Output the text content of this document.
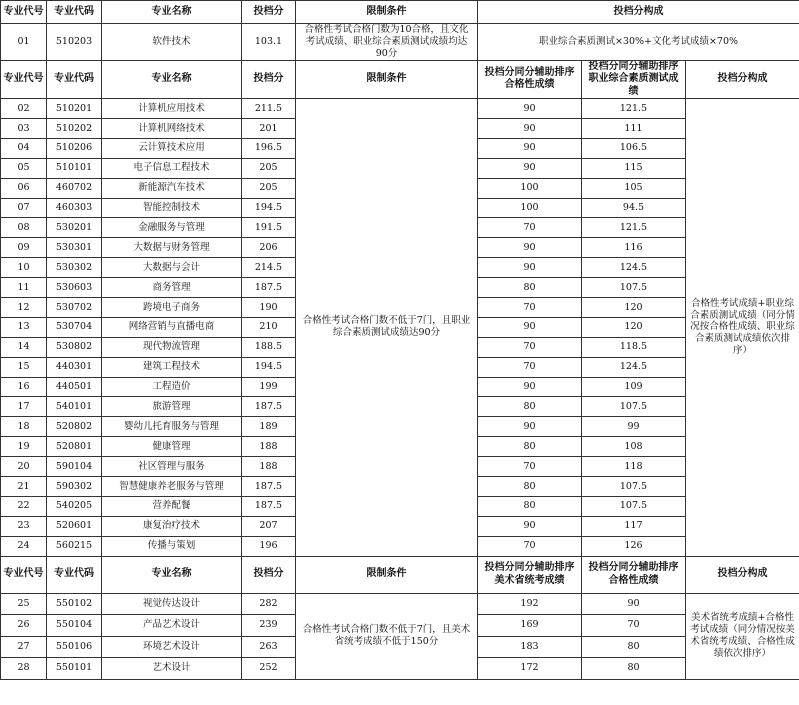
专业代号	专业代码	专业名称	投档分	限制条件	投档分构成		
01	510203	软件技术	103.1	合格性考试合格门数为10合格，且文化考试成绩、职业综合素质测试成绩均达90分	职业综合素质测试×30%+文化考试成绩×70%		
专业代号	专业代码	专业名称	投档分	限制条件	投档分同分辅助排序合格性成绩	投档分同分辅助排序职业综合素质测试成绩	投档分构成
02	510201	计算机应用技术	211.5	合格性考试合格门数不低于7门，且职业综合素质测试成绩达90分	90	121.5	合格性考试成绩+职业综合素质测试成绩（同分情况按合格性成绩、职业综合素质测试成绩依次排序）
03	510202	计算机网络技术	201		90	111	
04	510206	云计算技术应用	196.5		90	106.5	
05	510101	电子信息工程技术	205		90	115	
06	460702	新能源汽车技术	205		100	105	
07	460303	智能控制技术	194.5		100	94.5	
08	530201	金融服务与管理	191.5		70	121.5	
09	530301	大数据与财务管理	206		90	116	
10	530302	大数据与会计	214.5		90	124.5	
11	530603	商务管理	187.5		80	107.5	
12	530702	跨境电子商务	190		70	120	
13	530704	网络营销与直播电商	210		90	120	
14	530802	现代物流管理	188.5		70	118.5	
15	440301	建筑工程技术	194.5		70	124.5	
16	440501	工程造价	199		90	109	
17	540101	旅游管理	187.5		80	107.5	
18	520802	婴幼儿托育服务与管理	189		90	99	
19	520801	健康管理	188		80	108	
20	590104	社区管理与服务	188		70	118	
21	590302	智慧健康养老服务与管理	187.5		80	107.5	
22	540205	营养配餐	187.5		80	107.5	
23	520601	康复治疗技术	207		90	117	
24	560215	传播与策划	196		70	126	
专业代号	专业代码	专业名称	投档分	限制条件	投档分同分辅助排序美术省统考成绩	投档分同分辅助排序合格性成绩	投档分构成
25	550102	视觉传达设计	282	合格性考试合格门数不低于7门，且美术省统考成绩不低于150分	192	90	美术省统考成绩+合格性考试成绩（同分情况按美术省统考成绩、合格性成绩依次排序）
26	550104	产品艺术设计	239		169	70	
27	550106	环境艺术设计	263		183	80	
28	550101	艺术设计	252		172	80	
